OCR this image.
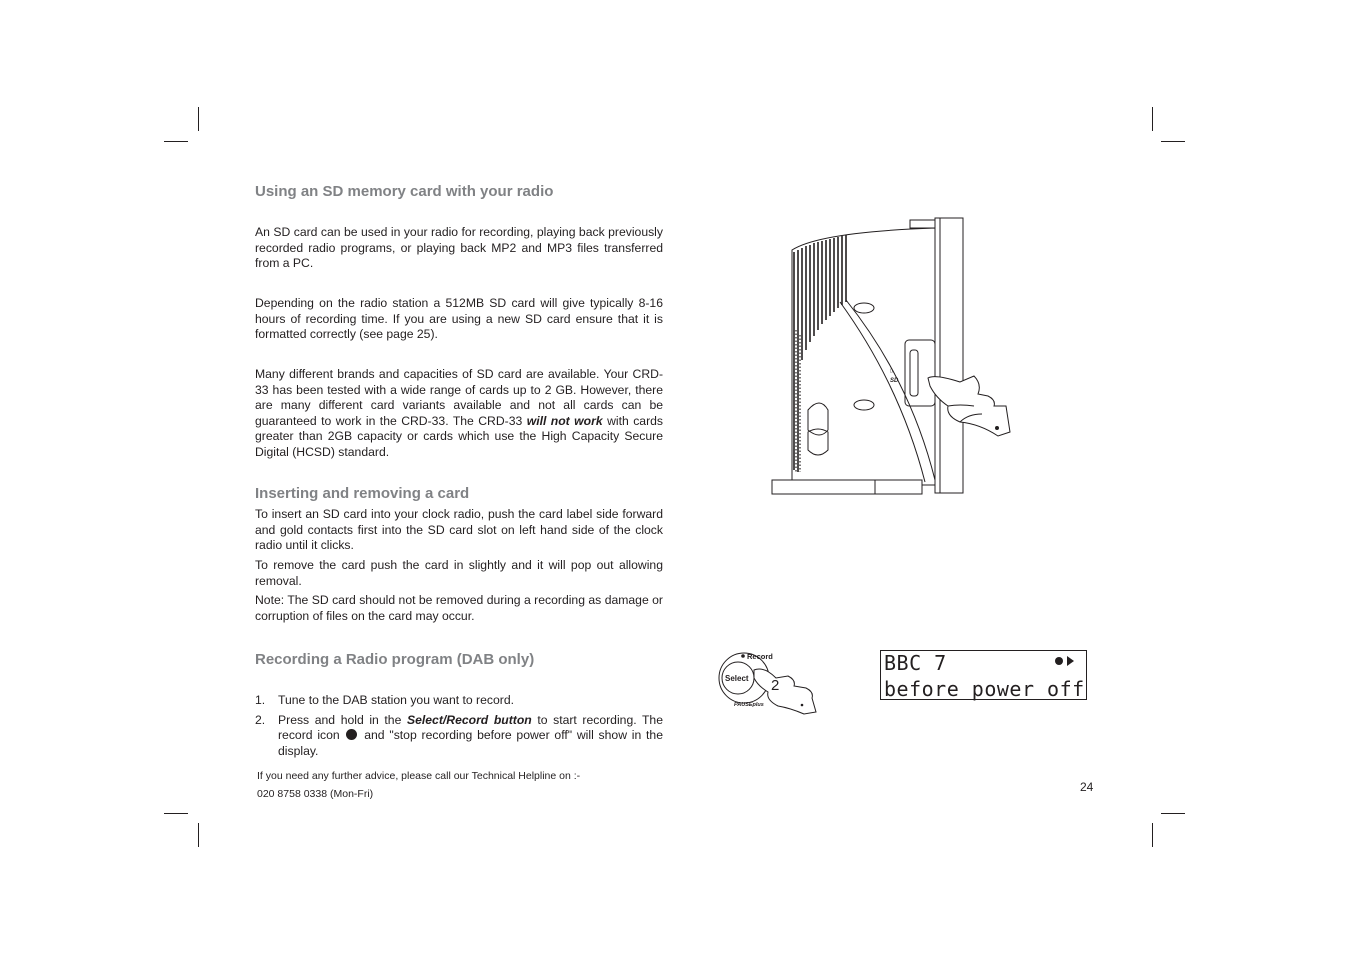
Using an SD memory card with your radio

An SD card can be used in your radio for recording, playing back previously recorded radio programs, or playing back MP2 and MP3 files transferred from a PC.

Depending on the radio station a 512MB SD card will give typically 8-16 hours of recording time. If you are using a new SD card ensure that it is formatted correctly (see page 25).

Many different brands and capacities of SD card are available. Your CRD-33 has been tested with a wide range of cards up to 2 GB. However, there are many different card variants available and not all cards can be guaranteed to work in the CRD-33. The CRD-33 will not work with cards greater than 2GB capacity or cards which use the High Capacity Secure Digital (HCSD) standard.

Inserting and removing a card

To insert an SD card into your clock radio, push the card label side forward and gold contacts first into the SD card slot on left hand side of the clock radio until it clicks.

To remove the card push the card in slightly and it will pop out allowing removal.

Note: The SD card should not be removed during a recording as damage or corruption of files on the card may occur.

Recording a Radio program (DAB only)
1. Tune to the DAB station you want to record.
2. Press and hold in the Select/Record button to start recording. The record icon  and "stop recording before power off" will show in the display.
If you need any further advice, please call our Technical Helpline on :-
020 8758 0338 (Mon-Fri)	24
▯
SD
Record
Select 2
PAUSEplus
BBC 7
before power off
